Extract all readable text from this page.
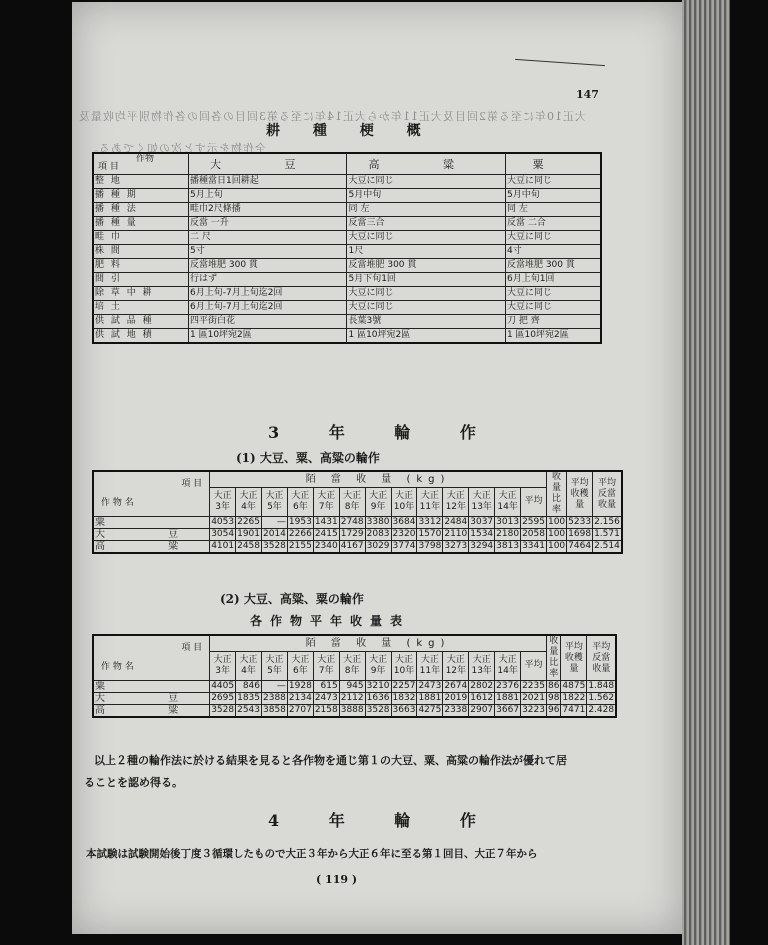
147
大正10年に至る第2回目及大正11年から大正14年に至る第3回目の各回の各作物別平均收量及
全作物を示すと次の如くである。
耕 種 梗 概
項 目
作物	大 豆	高 粱	粟
整 地	播種當日1回耕起	大豆に同じ	大豆に同じ
播 種 期	5月上旬	5月中旬	5月中旬
播 種 法	畦巾2尺條播	同 左	同 左
播 種 量	反當 一升	反當三合	反當 二合
畦 巾	二 尺	大豆に同じ	大豆に同じ
株 間	5寸	1尺	4寸
肥 料	反當堆肥 300 貫	反當堆肥 300 貫	反當堆肥 300 貫
間 引	行はず	5月下旬1回	6月上旬1回
除 草 中 耕	6月上旬-7月上旬迄2回	大豆に同じ	大豆に同じ
培 土	6月上旬-7月上旬迄2回	大豆に同じ	大豆に同じ
供 試 品 種	四平街白花	長葉3號	刀 把 齊
供 試 地 積	1 區10坪宛2區	1 區10坪宛2區	1 區10坪宛2區
3 年 輪 作
(1) 大豆、粟、高粱の輪作
項 目
作 物 名	陌 當 收 量 (kg)													收量比率	平均收穫量	平均反當收量
	大正3年	大正4年	大正5年	大正6年	大正7年	大正8年	大正9年	大正10年	大正11年	大正12年	大正13年	大正14年	平均			
粟	4053	2265	—	1953	1431	2748	3380	3684	3312	2484	3037	3013	2595	100	5233	2.156
大 豆	3054	1901	2014	2266	2415	1729	2083	2320	1570	2110	1534	2180	2058	100	1698	1.571
高 粱	4101	2458	3528	2155	2340	4167	3029	3774	3798	3273	3294	3813	3341	100	7464	2.514
(2) 大豆、高粱、粟の輪作
各作物平年收量表
項 目
作 物 名	陌 當 收 量 (kg)													收量比率	平均收穫量	平均反當收量
	大正3年	大正4年	大正5年	大正6年	大正7年	大正8年	大正9年	大正10年	大正11年	大正12年	大正13年	大正14年	平均			
粟	4405	846	—	1928	615	945	3210	2257	2473	2674	2802	2376	2235	86	4875	1.848
大 豆	2695	1835	2388	2134	2473	2112	1636	1832	1881	2019	1612	1881	2021	98	1822	1.562
高 粱	3528	2543	3858	2707	2158	3888	3528	3663	4275	2338	2907	3667	3223	96	7471	2.428
以上２種の輪作法に於ける結果を見ると各作物を通じ第１の大豆、粟、高粱の輪作法が優れて居
ることを認め得る。
4 年 輪 作
本試験は試験開始後丁度３循環したもので大正３年から大正６年に至る第１回目、大正７年から
( 119 )
